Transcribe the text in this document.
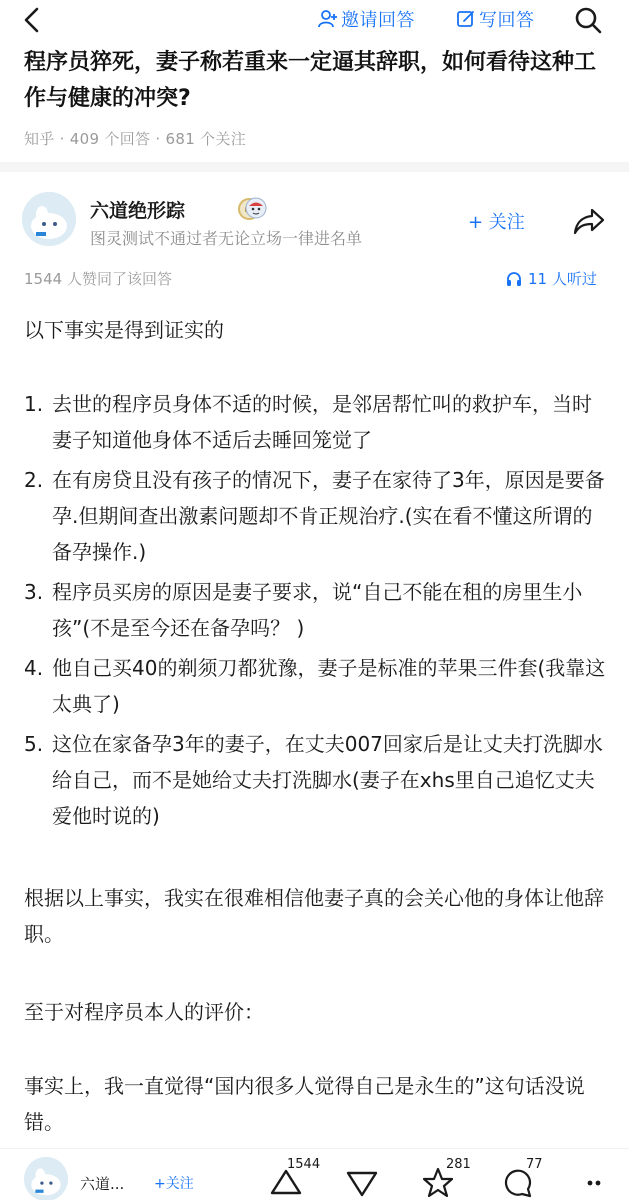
邀请回答	写回答
程序员猝死，妻子称若重来一定逼其辞职，如何看待这种工作与健康的冲突?
知乎 · 409 个回答 · 681 个关注
六道绝形踪
图灵测试不通过者无论立场一律进名单
+ 关注
1544 人赞同了该回答	11 人听过
以下事实是得到证实的
1. 去世的程序员身体不适的时候，是邻居帮忙叫的救护车，当时妻子知道他身体不适后去睡回笼觉了
2. 在有房贷且没有孩子的情况下，妻子在家待了3年，原因是要备孕.但期间查出激素问题却不肯正规治疗.(实在看不懂这所谓的备孕操作.)
3. 程序员买房的原因是妻子要求，说“自己不能在租的房里生小孩”(不是至今还在备孕吗？ )
4. 他自己买40的剃须刀都犹豫，妻子是标准的苹果三件套(我靠这太典了)
5. 这位在家备孕3年的妻子，在丈夫007回家后是让丈夫打洗脚水给自己，而不是她给丈夫打洗脚水(妻子在xhs里自己追忆丈夫爱他时说的)
根据以上事实，我实在很难相信他妻子真的会关心他的身体让他辞职。
至于对程序员本人的评价：
事实上，我一直觉得“国内很多人觉得自己是永生的”这句话没说错。
六道... +关注
1544	281	77
